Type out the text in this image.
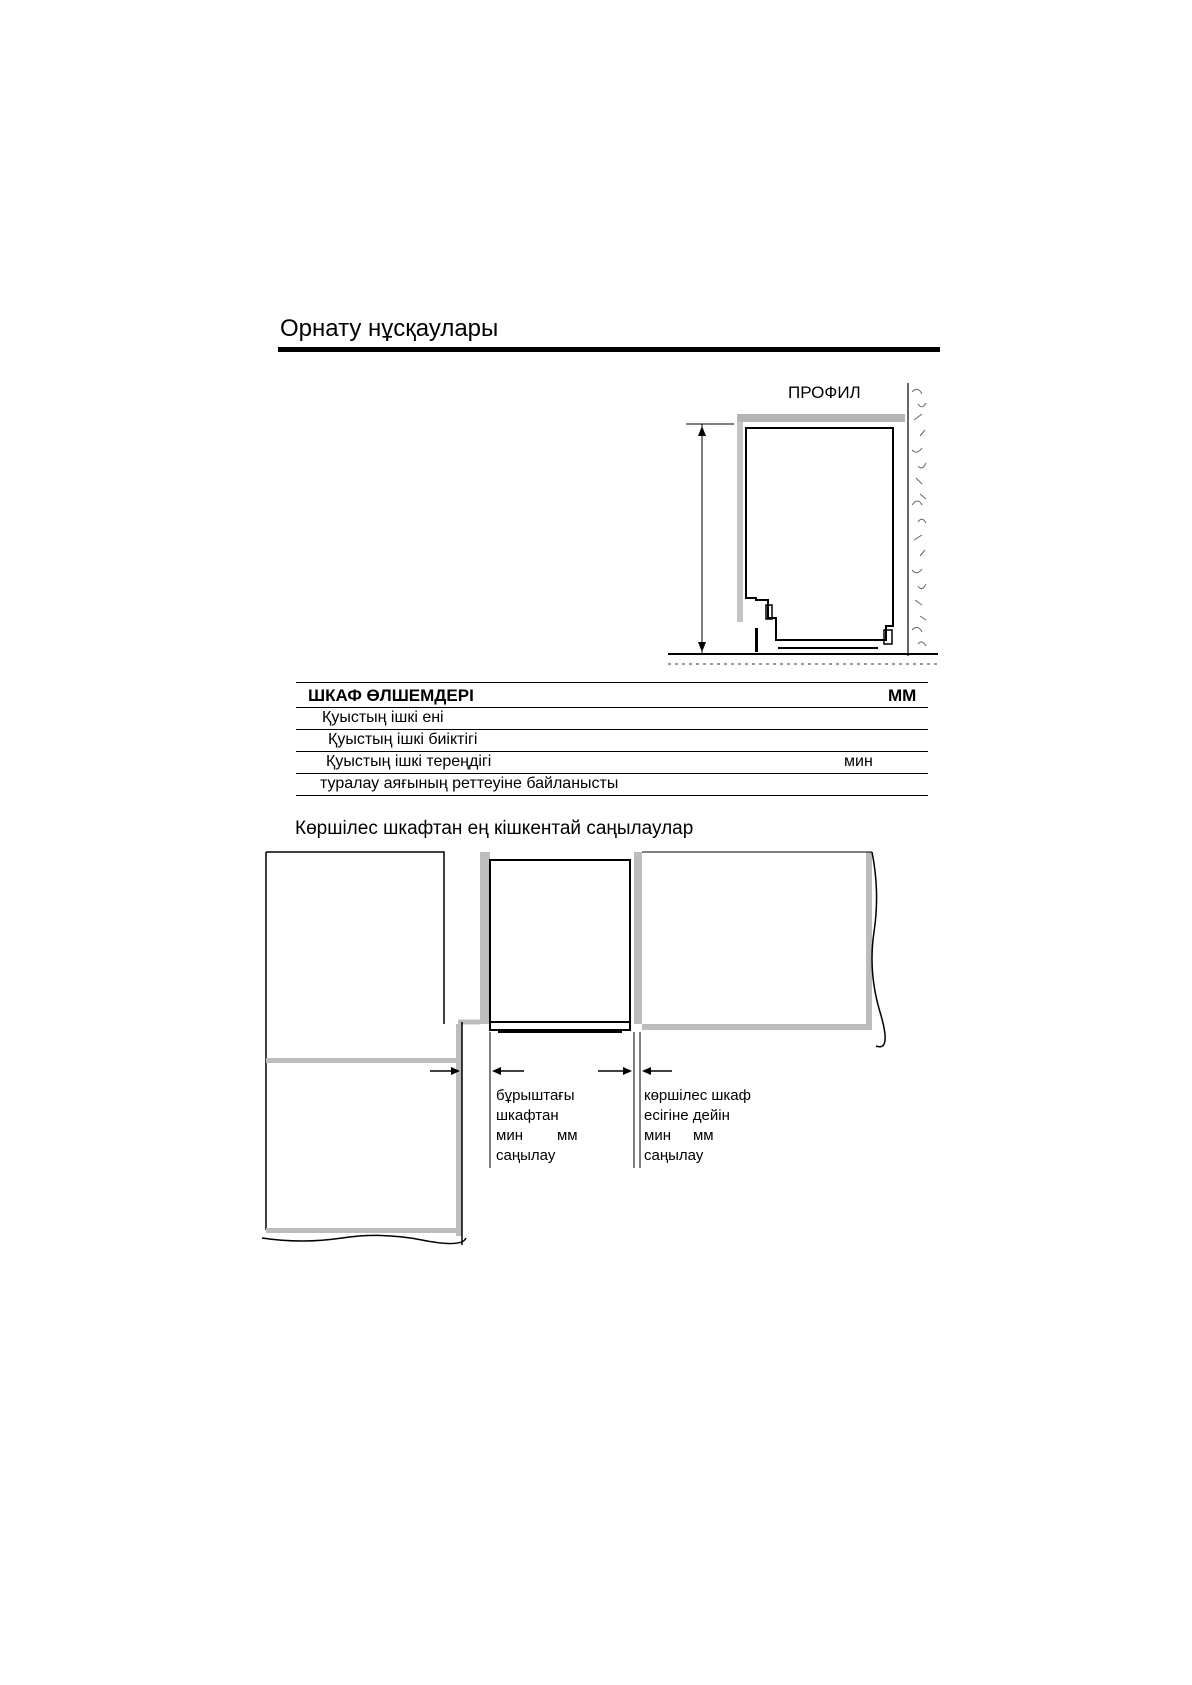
Орнату нұсқаулары
ПРОФИЛ
ШКАФ ӨЛШЕМДЕРІ	ММ
Қуыстың ішкі ені
Қуыстың ішкі биіктігі
Қуыстың ішкі тереңдігі	мин
туралау аяғының реттеуіне байланысты
Көршілес шкафтан ең кішкентай саңылаулар
бұрыштағы
шкафтан
мин мм
саңылау
көршілес шкаф
есігіне дейін
мин мм
саңылау
